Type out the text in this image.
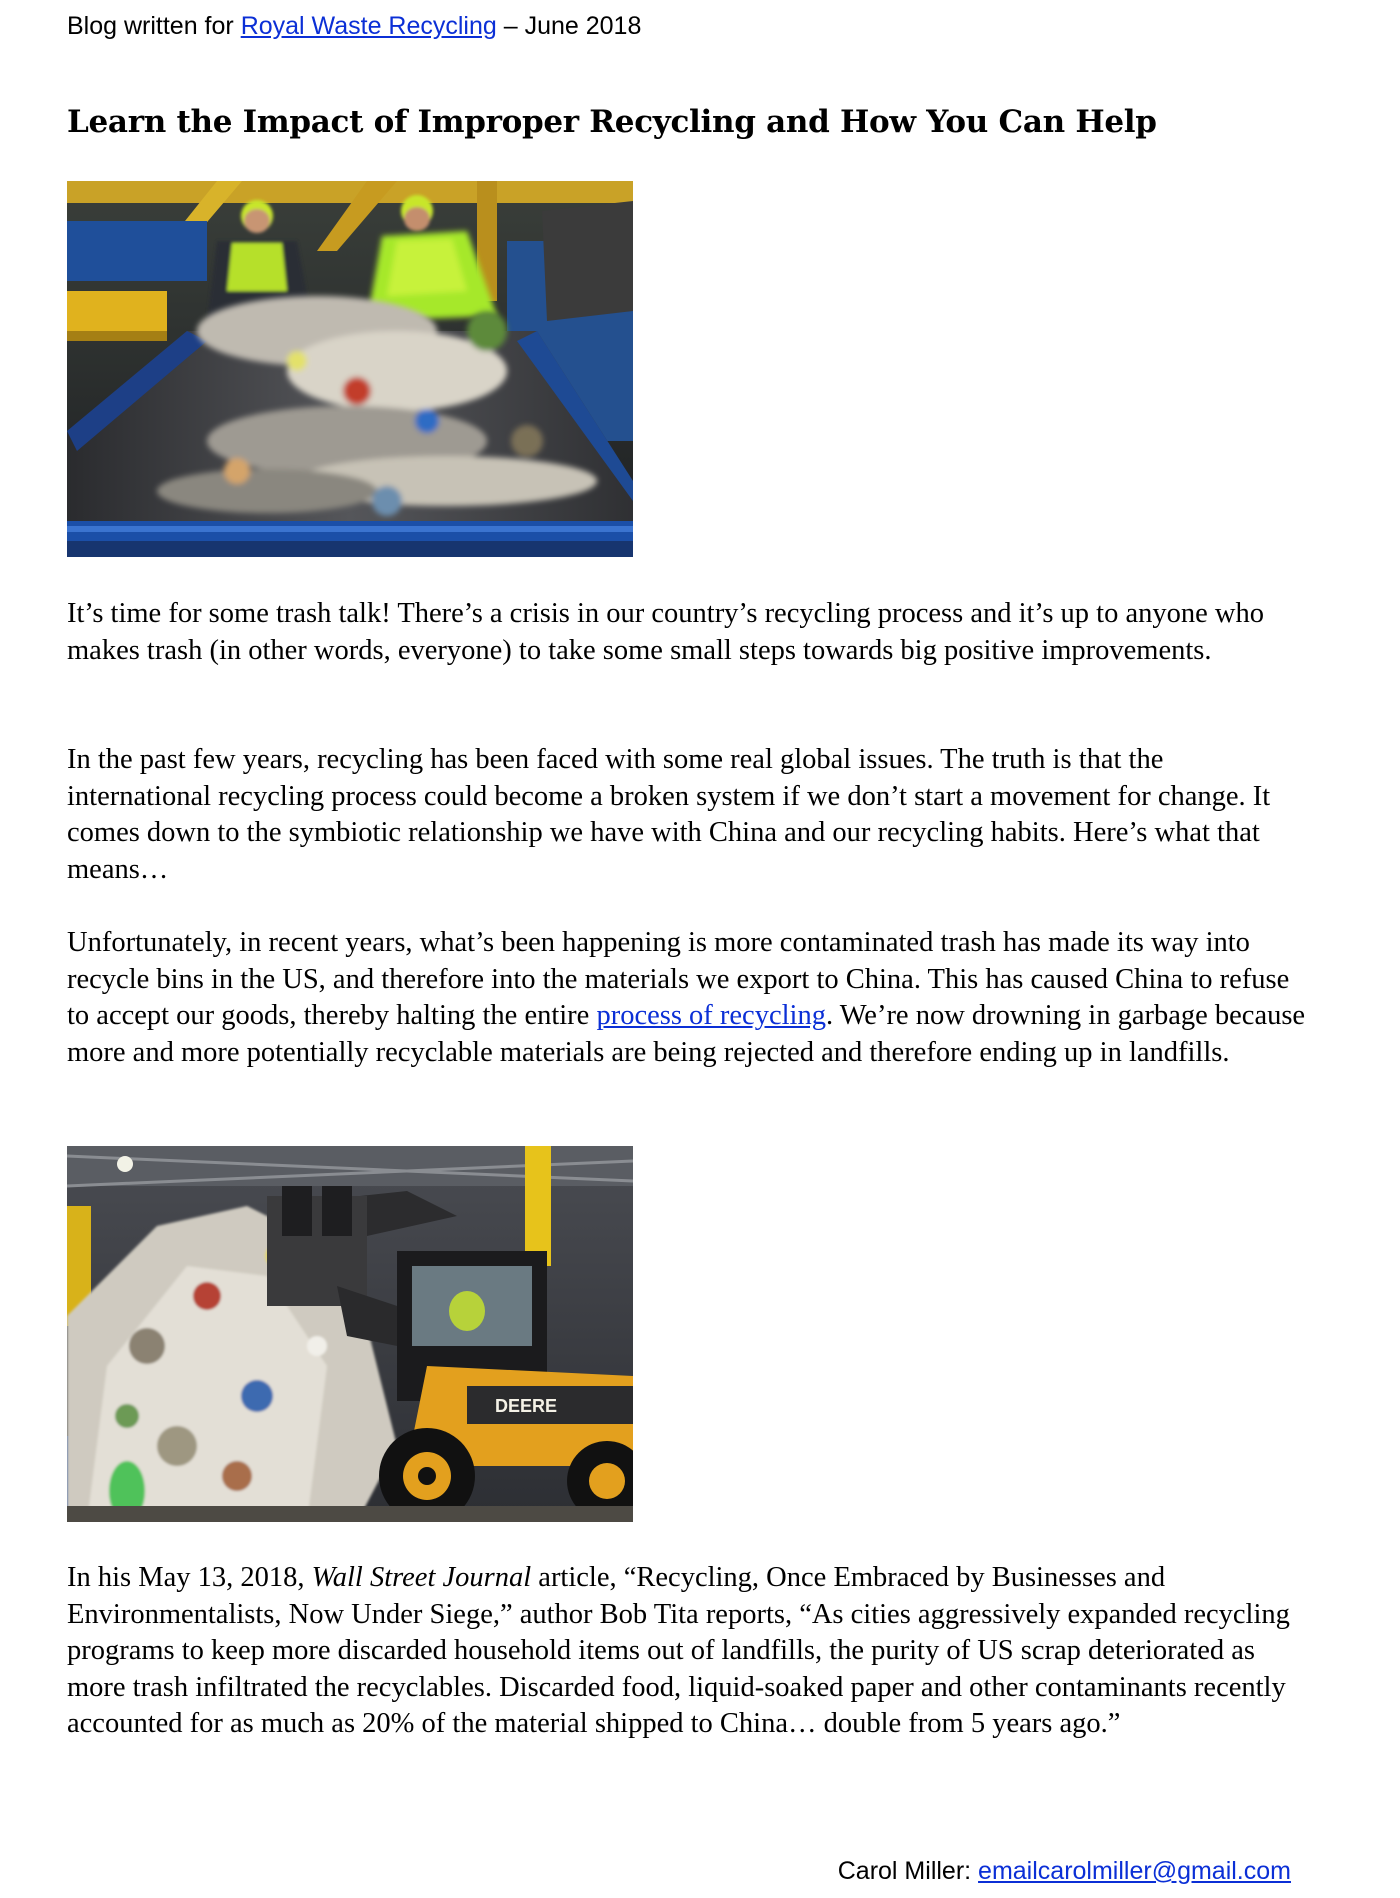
Blog written for Royal Waste Recycling – June 2018
Learn the Impact of Improper Recycling and How You Can Help

It’s time for some trash talk! There’s a crisis in our country’s recycling process and it’s up to anyone who makes trash (in other words, everyone) to take some small steps towards big positive improvements.

In the past few years, recycling has been faced with some real global issues. The truth is that the international recycling process could become a broken system if we don’t start a movement for change. It comes down to the symbiotic relationship we have with China and our recycling habits. Here’s what that means…

Unfortunately, in recent years, what’s been happening is more contaminated trash has made its way into recycle bins in the US, and therefore into the materials we export to China. This has caused China to refuse to accept our goods, thereby halting the entire process of recycling. We’re now drowning in garbage because more and more potentially recyclable materials are being rejected and therefore ending up in landfills.

DEERE

In his May 13, 2018, Wall Street Journal article, “Recycling, Once Embraced by Businesses and Environmentalists, Now Under Siege,” author Bob Tita reports, “As cities aggressively expanded recycling programs to keep more discarded household items out of landfills, the purity of US scrap deteriorated as more trash infiltrated the recyclables. Discarded food, liquid-soaked paper and other contaminants recently accounted for as much as 20% of the material shipped to China… double from 5 years ago.”

Carol Miller: emailcarolmiller@gmail.com
